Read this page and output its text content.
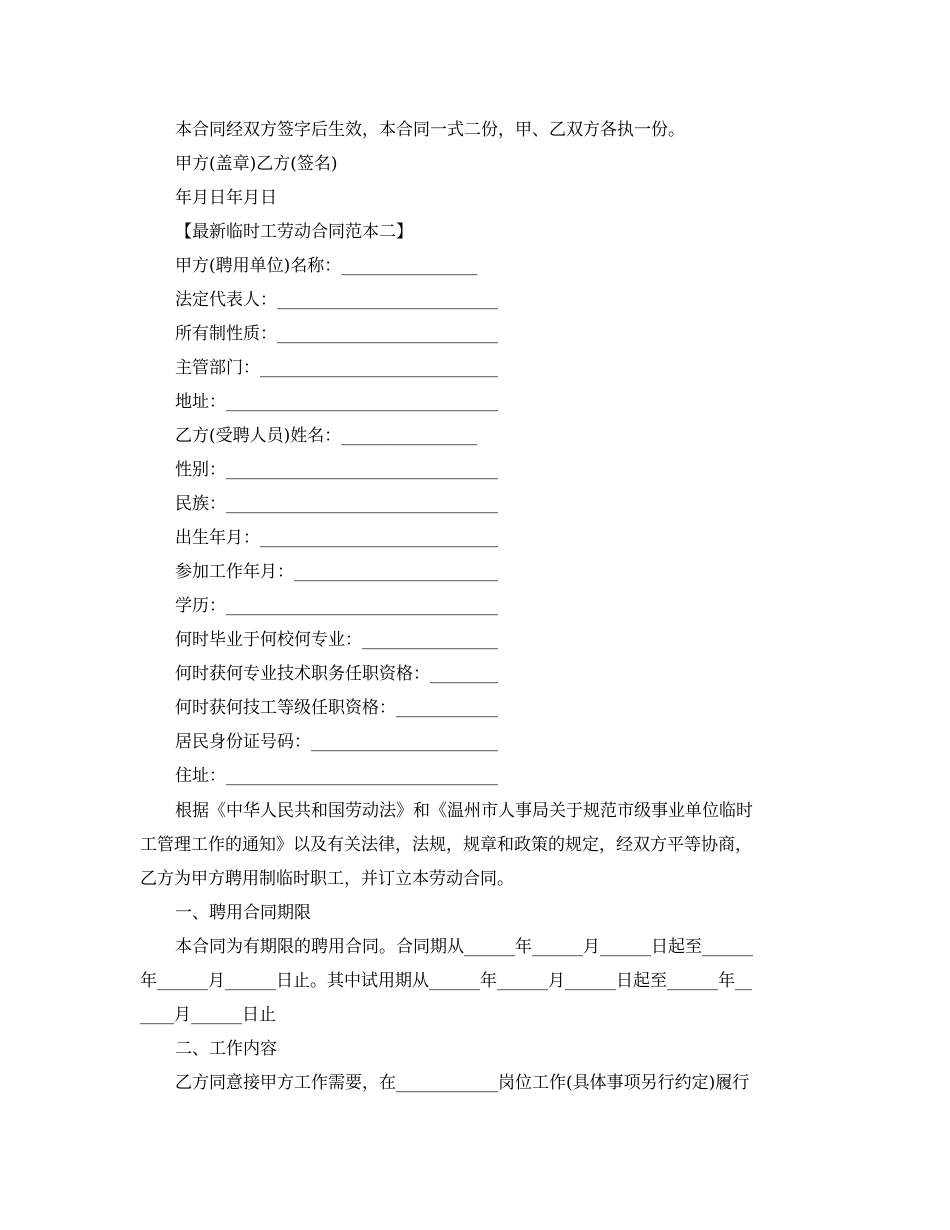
本合同经双方签字后生效，本合同一式二份，甲、乙双方各执一份。
甲方(盖章)乙方(签名)
年月日年月日
【最新临时工劳动合同范本二】
甲方(聘用单位)名称：________________
法定代表人：__________________________
所有制性质：__________________________
主管部门：____________________________
地址：________________________________
乙方(受聘人员)姓名：________________
性别：________________________________
民族：________________________________
出生年月：____________________________
参加工作年月：________________________
学历：________________________________
何时毕业于何校何专业：________________
何时获何专业技术职务任职资格：________
何时获何技工等级任职资格：____________
居民身份证号码：______________________
住址：________________________________
根据《中华人民共和国劳动法》和《温州市人事局关于规范市级事业单位临时
工管理工作的通知》以及有关法律，法规，规章和政策的规定，经双方平等协商，
乙方为甲方聘用制临时职工，并订立本劳动合同。
一、聘用合同期限
本合同为有期限的聘用合同。合同期从______年______月______日起至______
年______月______日止。其中试用期从______年______月______日起至______年__
____月______日止
二、工作内容
乙方同意接甲方工作需要，在____________岗位工作(具体事项另行约定)履行
